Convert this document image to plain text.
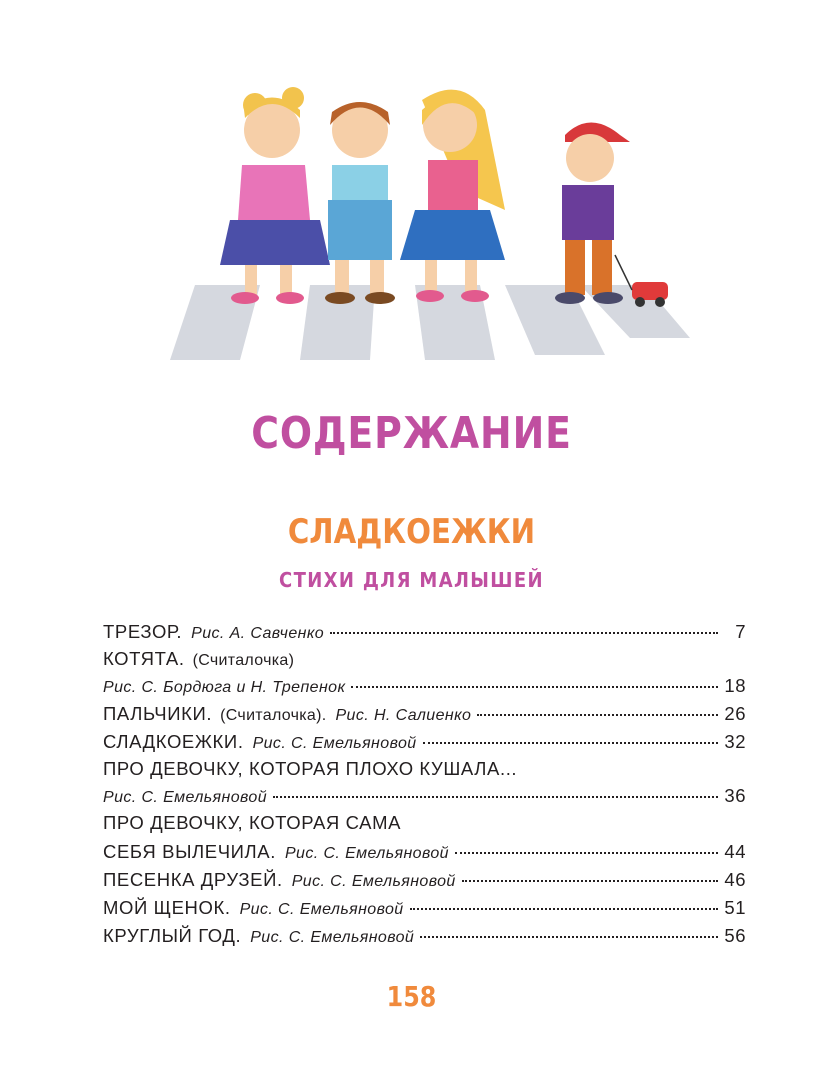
СОДЕРЖАНИЕ
СЛАДКОЕЖКИ
СТИХИ ДЛЯ МАЛЫШЕЙ
ТРЕЗОР. Рис. А. Савченко	7
КОТЯТА. (Считалочка)
Рис. С. Бордюга и Н. Трепенок	18
ПАЛЬЧИКИ. (Считалочка). Рис. Н. Салиенко	26
СЛАДКОЕЖКИ. Рис. С. Емельяновой	32
ПРО ДЕВОЧКУ, КОТОРАЯ ПЛОХО КУШАЛА...
Рис. С. Емельяновой	36
ПРО ДЕВОЧКУ, КОТОРАЯ САМА
СЕБЯ ВЫЛЕЧИЛА. Рис. С. Емельяновой	44
ПЕСЕНКА ДРУЗЕЙ. Рис. С. Емельяновой	46
МОЙ ЩЕНОК. Рис. С. Емельяновой	51
КРУГЛЫЙ ГОД. Рис. С. Емельяновой	56
158
